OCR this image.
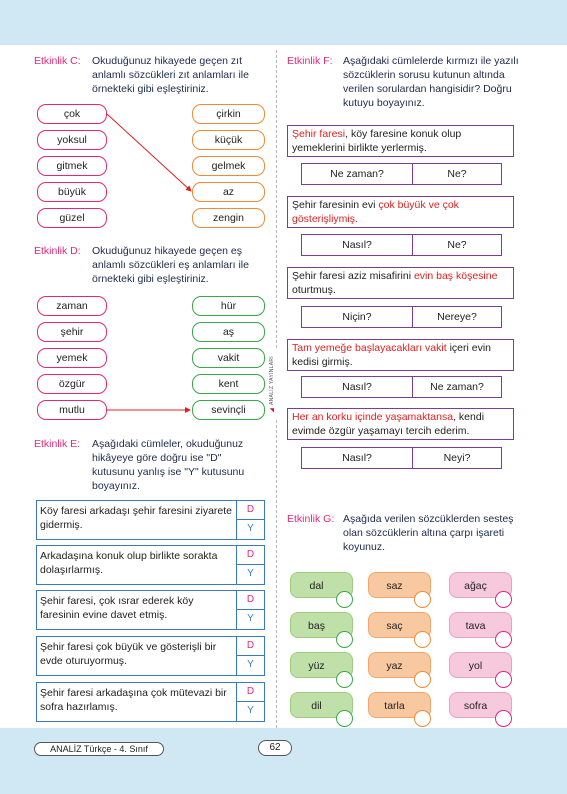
◣ ANALİZ YAYINLARI
Etkinlik C: Okuduğunuz hikayede geçen zıt anlamlı sözcükleri zıt anlamları ile örnekteki gibi eşleştiriniz.
çok
yoksul
gitmek
büyük
güzel
çirkin
küçük
gelmek
az
zengin
Etkinlik D: Okuduğunuz hikayede geçen eş anlamlı sözcükleri eş anlamları ile örnekteki gibi eşleştiriniz.
zaman
şehir
yemek
özgür
mutlu
hür
aş
vakit
kent
sevinçli
Etkinlik E: Aşağıdaki cümleler, okuduğunuz hikâyeye göre doğru ise "D" kutusunu yanlış ise "Y" kutusunu boyayınız.
Köy faresi arkadaşı şehir faresini ziyarete gidermiş.
D
Y
Arkadaşına konuk olup birlikte sorakta dolaşırlarmış.
D
Y
Şehir faresi, çok ısrar ederek köy faresinin evine davet etmiş.
D
Y
Şehir faresi çok büyük ve gösterişli bir evde oturuyormuş.
D
Y
Şehir faresi arkadaşına çok mütevazi bir sofra hazırlamış.
D
Y
Etkinlik F: Aşağıdaki cümlelerde kırmızı ile yazılı sözcüklerin sorusu kutunun altında verilen sorulardan hangisidir? Doğru kutuyu boyayınız.
Şehir faresi, köy faresine konuk olup yemeklerini birlikte yerlermiş.
Ne zaman?	Ne?
Şehir faresinin evi çok büyük ve çok gösterişliymiş.
Nasıl?	Ne?
Şehir faresi aziz misafirini evin baş köşesine oturtmuş.
Niçin?	Nereye?
Tam yemeğe başlayacakları vakit içeri evin kedisi girmiş.
Nasıl?	Ne zaman?
Her an korku içinde yaşamaktansa, kendi evimde özgür yaşamayı tercih ederim.
Nasıl?	Neyi?
Etkinlik G: Aşağıda verilen sözcüklerden sesteş olan sözcüklerin altına çarpı işareti koyunuz.
dal	saz	ağaç
baş	saç	tava
yüz	yaz	yol
dil	tarla	sofra
ANALİZ Türkçe - 4. Sınıf	62
